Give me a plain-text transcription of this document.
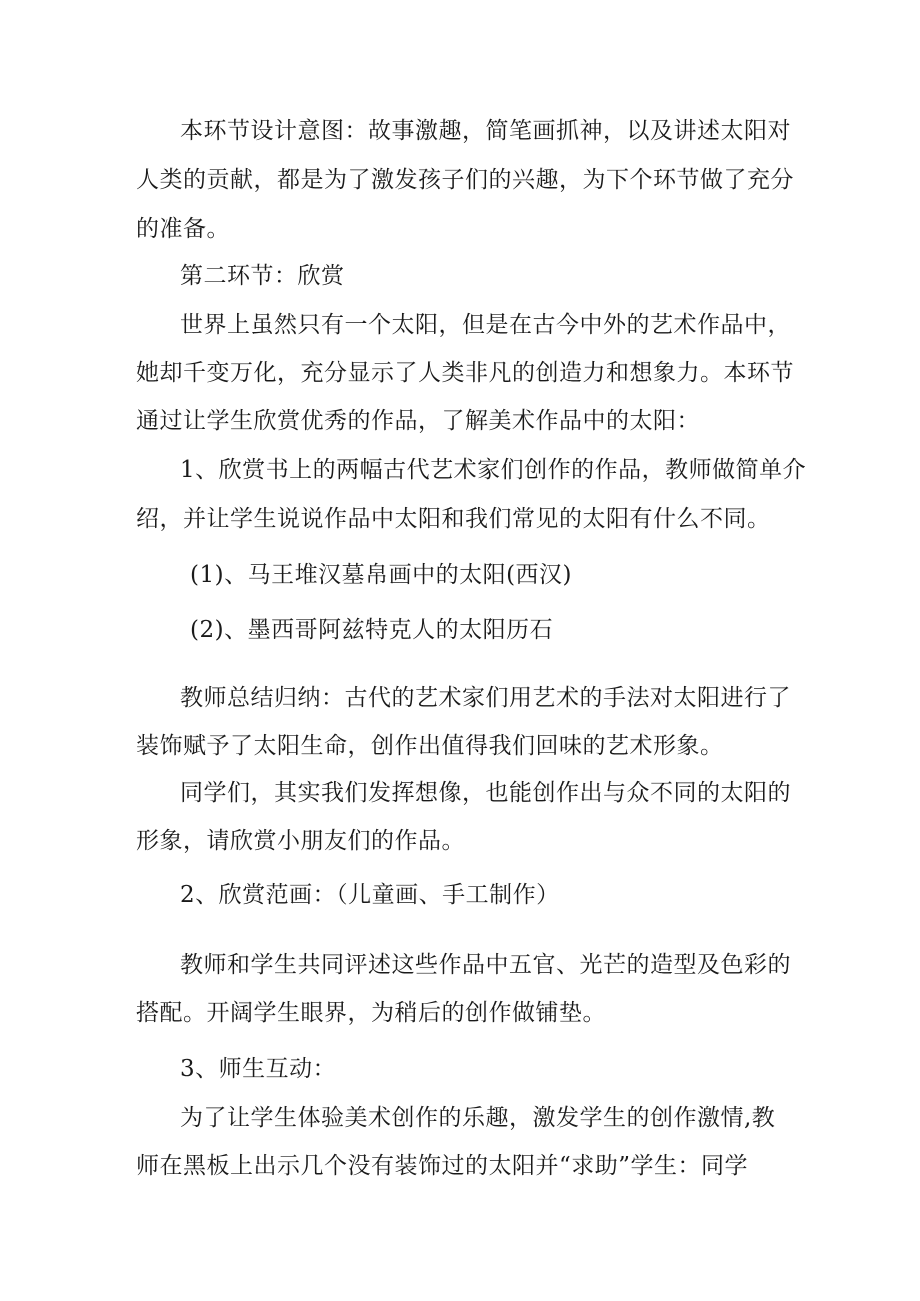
本环节设计意图：故事激趣，简笔画抓神，以及讲述太阳对
人类的贡献，都是为了激发孩子们的兴趣，为下个环节做了充分
的准备。
第二环节：欣赏
世界上虽然只有一个太阳，但是在古今中外的艺术作品中，
她却千变万化，充分显示了人类非凡的创造力和想象力。本环节
通过让学生欣赏优秀的作品，了解美术作品中的太阳：
1、欣赏书上的两幅古代艺术家们创作的作品，教师做简单介
绍，并让学生说说作品中太阳和我们常见的太阳有什么不同。
(1)、马王堆汉墓帛画中的太阳(西汉)
(2)、墨西哥阿兹特克人的太阳历石
教师总结归纳：古代的艺术家们用艺术的手法对太阳进行了
装饰赋予了太阳生命，创作出值得我们回味的艺术形象。
同学们，其实我们发挥想像，也能创作出与众不同的太阳的
形象，请欣赏小朋友们的作品。
2、欣赏范画：（儿童画、手工制作）
教师和学生共同评述这些作品中五官、光芒的造型及色彩的
搭配。开阔学生眼界，为稍后的创作做铺垫。
3、师生互动：
为了让学生体验美术创作的乐趣，激发学生的创作激情,教
师在黑板上出示几个没有装饰过的太阳并“求助”学生：同学
